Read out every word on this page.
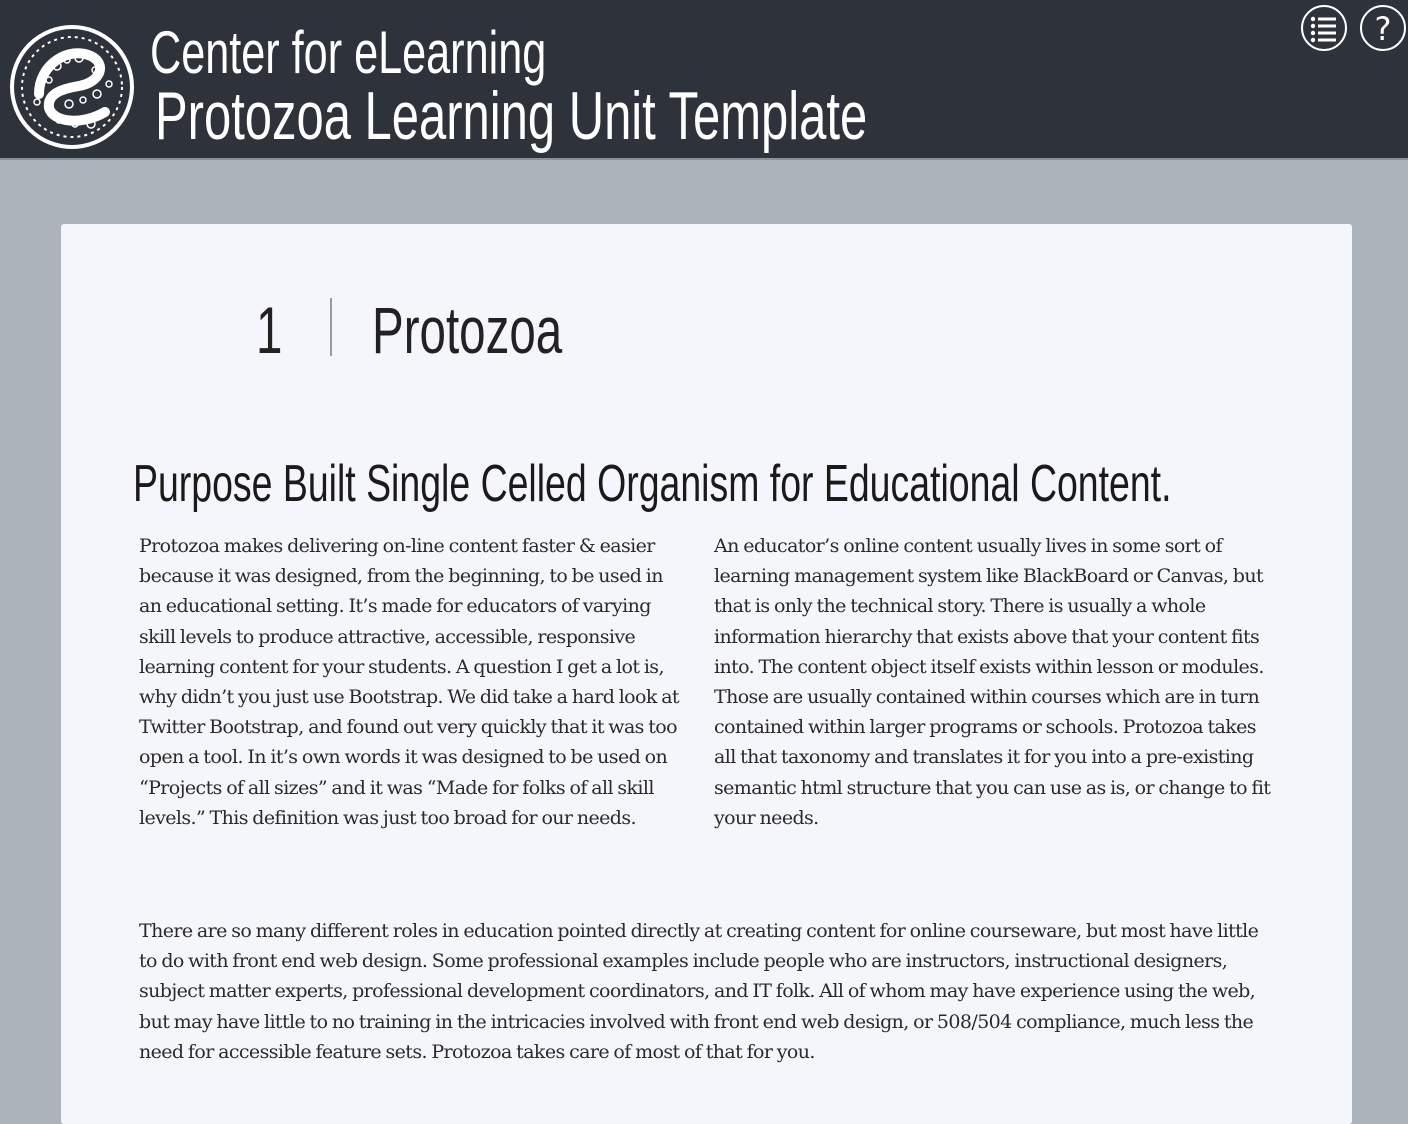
Center for eLearning
Protozoa Learning Unit Template
?
1 Protozoa
Purpose Built Single Celled Organism for Educational Content.

Protozoa makes delivering on-line content faster & easier because it was designed, from the beginning, to be used in an educational setting. It’s made for educators of varying skill levels to produce attractive, accessible, responsive learning content for your students. A question I get a lot is, why didn’t you just use Bootstrap. We did take a hard look at Twitter Bootstrap, and found out very quickly that it was too open a tool. In it’s own words it was designed to be used on “Projects of all sizes” and it was “Made for folks of all skill levels.” This definition was just too broad for our needs.

An educator’s online content usually lives in some sort of learning management system like BlackBoard or Canvas, but that is only the technical story. There is usually a whole information hierarchy that exists above that your content fits into. The content object itself exists within lesson or modules. Those are usually contained within courses which are in turn contained within larger programs or schools. Protozoa takes all that taxonomy and translates it for you into a pre-existing semantic html structure that you can use as is, or change to fit your needs.

There are so many different roles in education pointed directly at creating content for online courseware, but most have little to do with front end web design. Some professional examples include people who are instructors, instructional designers, subject matter experts, professional development coordinators, and IT folk. All of whom may have experience using the web, but may have little to no training in the intricacies involved with front end web design, or 508/504 compliance, much less the need for accessible feature sets. Protozoa takes care of most of that for you.
